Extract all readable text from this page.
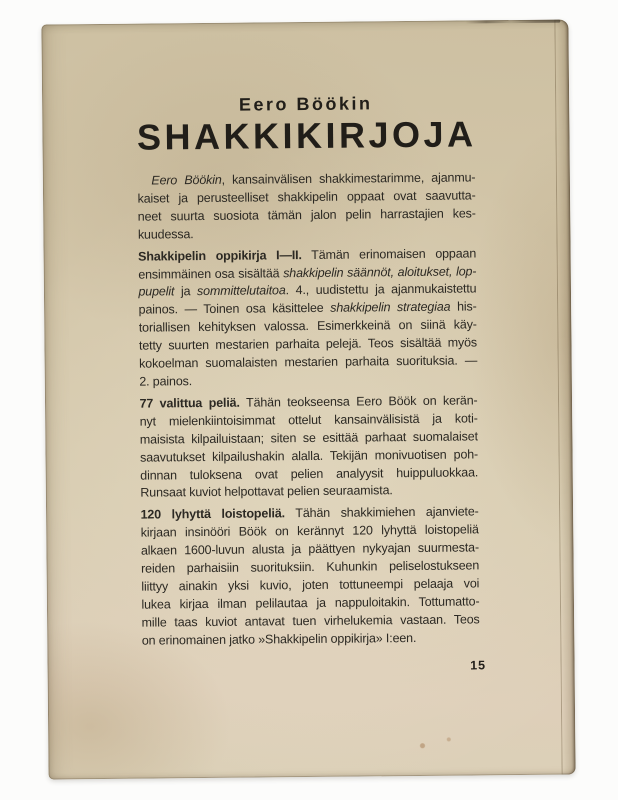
Eero Böökin
SHAKKIKIRJOJA
Eero Böökin, kansainvälisen shakkimestarimme, ajanmu-
kaiset ja perusteelliset shakkipelin oppaat ovat saavutta-
neet suurta suosiota tämän jalon pelin harrastajien kes-
kuudessa.
Shakkipelin oppikirja I—II. Tämän erinomaisen oppaan
ensimmäinen osa sisältää shakkipelin säännöt, aloitukset, lop-
pupelit ja sommittelutaitoa. 4., uudistettu ja ajanmukaistettu
painos. — Toinen osa käsittelee shakkipelin strategiaa his-
toriallisen kehityksen valossa. Esimerkkeinä on siinä käy-
tetty suurten mestarien parhaita pelejä. Teos sisältää myös
kokoelman suomalaisten mestarien parhaita suorituksia. —
2. painos.
77 valittua peliä. Tähän teokseensa Eero Böök on kerän-
nyt mielenkiintoisimmat ottelut kansainvälisistä ja koti-
maisista kilpailuistaan; siten se esittää parhaat suomalaiset
saavutukset kilpailushakin alalla. Tekijän monivuotisen poh-
dinnan tuloksena ovat pelien analyysit huippuluokkaa.
Runsaat kuviot helpottavat pelien seuraamista.
120 lyhyttä loistopeliä. Tähän shakkimiehen ajanviete-
kirjaan insinööri Böök on kerännyt 120 lyhyttä loistopeliä
alkaen 1600-luvun alusta ja päättyen nykyajan suurmesta-
reiden parhaisiin suorituksiin. Kuhunkin peliselostukseen
liittyy ainakin yksi kuvio, joten tottuneempi pelaaja voi
lukea kirjaa ilman pelilautaa ja nappuloitakin. Tottumatto-
mille taas kuviot antavat tuen virhelukemia vastaan. Teos
on erinomainen jatko »Shakkipelin oppikirja» I:een.
15
